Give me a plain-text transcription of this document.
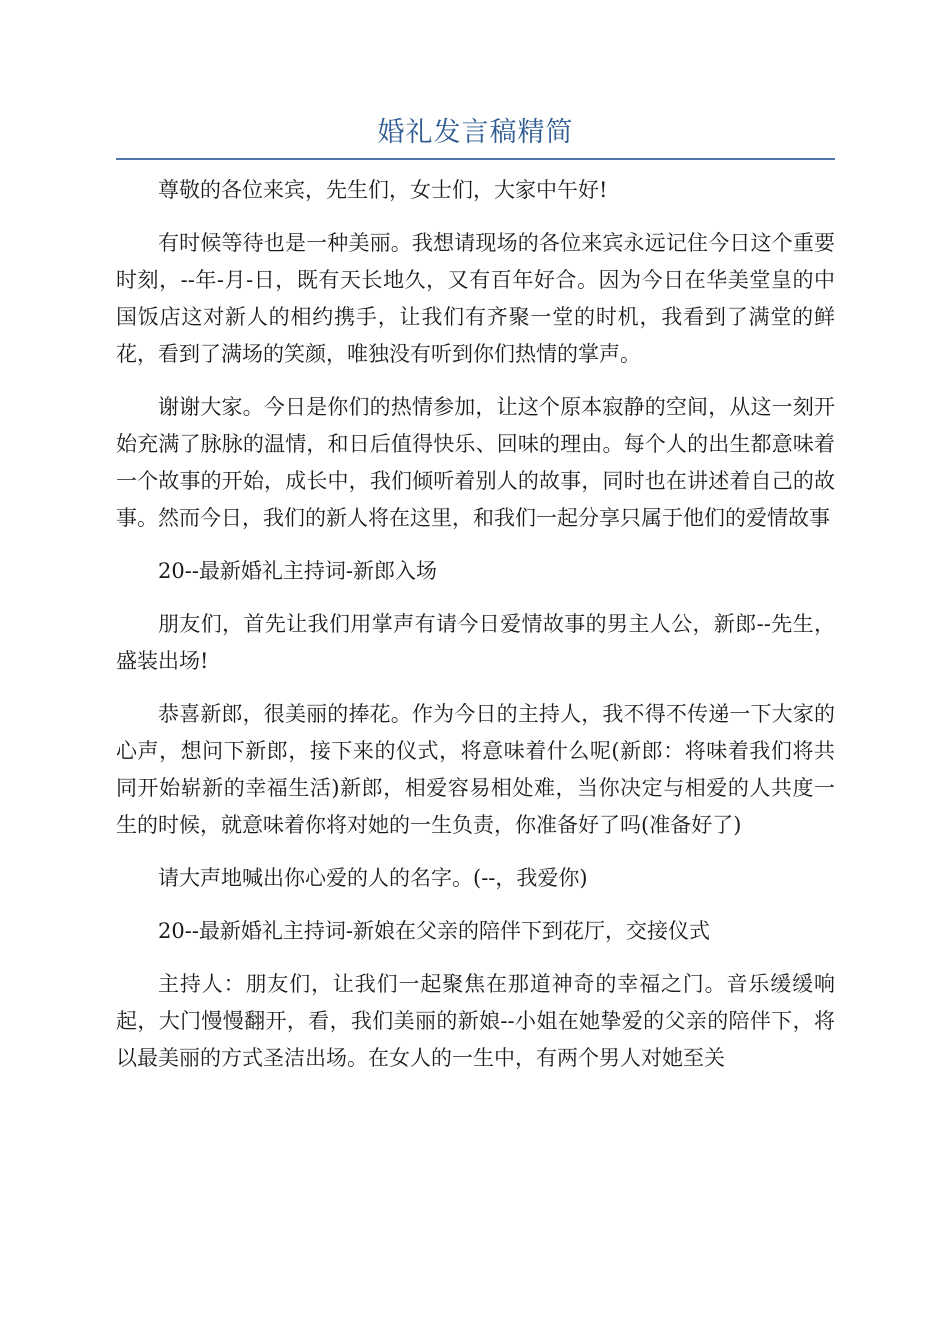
婚礼发言稿精简

尊敬的各位来宾，先生们，女士们，大家中午好!

有时候等待也是一种美丽。我想请现场的各位来宾永远记住今日这个重要时刻，--年-月-日，既有天长地久，又有百年好合。因为今日在华美堂皇的中国饭店这对新人的相约携手，让我们有齐聚一堂的时机，我看到了满堂的鲜花，看到了满场的笑颜，唯独没有听到你们热情的掌声。

谢谢大家。今日是你们的热情参加，让这个原本寂静的空间，从这一刻开始充满了脉脉的温情，和日后值得快乐、回味的理由。每个人的出生都意味着一个故事的开始，成长中，我们倾听着别人的故事，同时也在讲述着自己的故事。然而今日，我们的新人将在这里，和我们一起分享只属于他们的爱情故事

20--最新婚礼主持词-新郎入场

朋友们，首先让我们用掌声有请今日爱情故事的男主人公，新郎--先生，盛装出场!

恭喜新郎，很美丽的捧花。作为今日的主持人，我不得不传递一下大家的心声，想问下新郎，接下来的仪式，将意味着什么呢(新郎：将味着我们将共同开始崭新的幸福生活)新郎，相爱容易相处难，当你决定与相爱的人共度一生的时候，就意味着你将对她的一生负责，你准备好了吗(准备好了)

请大声地喊出你心爱的人的名字。(--，我爱你)

20--最新婚礼主持词-新娘在父亲的陪伴下到花厅，交接仪式

主持人：朋友们，让我们一起聚焦在那道神奇的幸福之门。音乐缓缓响起，大门慢慢翻开，看，我们美丽的新娘--小姐在她挚爱的父亲的陪伴下，将以最美丽的方式圣洁出场。在女人的一生中，有两个男人对她至关
